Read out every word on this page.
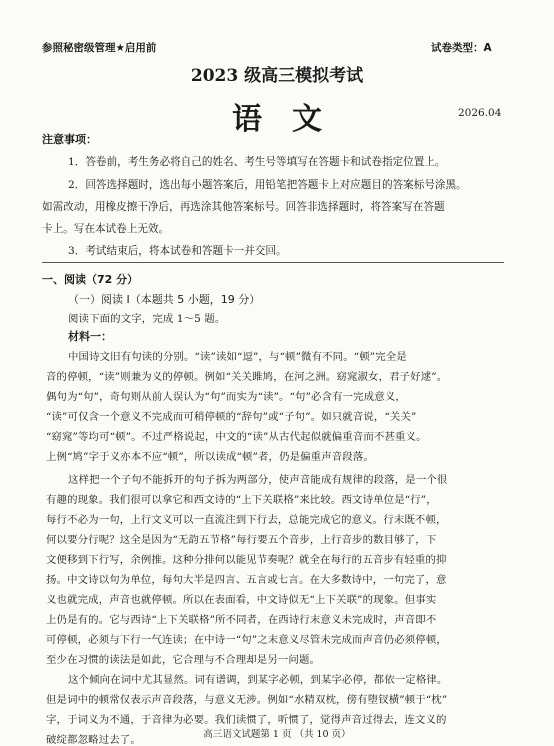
参照秘密级管理★启用前	试卷类型：A
2023 级高三模拟考试
语文	2026.04
注意事项：
1．答卷前，考生务必将自己的姓名、考生号等填写在答题卡和试卷指定位置上。
2．回答选择题时，选出每小题答案后，用铅笔把答题卡上对应题目的答案标号涂黑。
如需改动，用橡皮擦干净后，再选涂其他答案标号。回答非选择题时，将答案写在答题
卡上。写在本试卷上无效。
3．考试结束后，将本试卷和答题卡一并交回。
一、阅读（72 分）
（一）阅读 I（本题共 5 小题，19 分）
阅读下面的文字，完成 1～5 题。
材料一：
中国诗文旧有句读的分别。“读”读如“逗”，与“顿”微有不同。“顿”完全是
音的停顿，“读”则兼为义的停顿。例如“关关雎鸠，在河之洲。窈窕淑女，君子好逑”。
偶句为“句”，奇句则从前人误认为“句”而实为“读”。“句”必含有一完成意义，
“读”可仅含一个意义不完成而可稍停顿的“辞句”或“子句”。如只就音说，“关关”
“窈窕”等均可“顿”。不过严格说起，中文的“读”从古代起似就偏重音而不甚重义。
上例“鸠”字于义亦本不应“顿”，所以读成“顿”者，仍是偏重声音段落。
这样把一个子句不能拆开的句子拆为两部分，使声音能成有规律的段落，是一个很
有趣的现象。我们很可以拿它和西文诗的“上下关联格”来比较。西文诗单位是“行”，
每行不必为一句，上行文义可以一直流注到下行去，总能完成它的意义。行末既不顿，
何以要分行呢？这全是因为“无韵五节格”每行要五个音步，上行音步的数目够了，下
文便移到下行写，余例推。这种分排何以能见节奏呢？就全在每行的五音步有轻重的抑
扬。中文诗以句为单位，每句大半是四言、五言或七言。在大多数诗中，一句完了，意
义也就完成，声音也就停顿。所以在表面看，中文诗似无“上下关联”的现象。但事实
上仍是有的。它与西诗“上下关联格”所不同者，在西诗行末意义未完成时，声音即不
可停顿，必须与下行一气连读；在中诗一“句”之末意义尽管未完成而声音仍必须停顿，
至少在习惯的读法是如此，它合理与不合理却是另一问题。
这个倾向在词中尤其显然。词有谱调，到某字必顿，到某字必停，都依一定格律。
但是词中的顿常仅表示声音段落，与意义无涉。例如“水精双枕，傍有堕钗横”顿于“枕”
字，于词义为不通，于音律为必要。我们读惯了，听惯了，觉得声音过得去，连文义的
破绽都忽略过去了。	高三语文试题第 1 页 （共 10 页）
